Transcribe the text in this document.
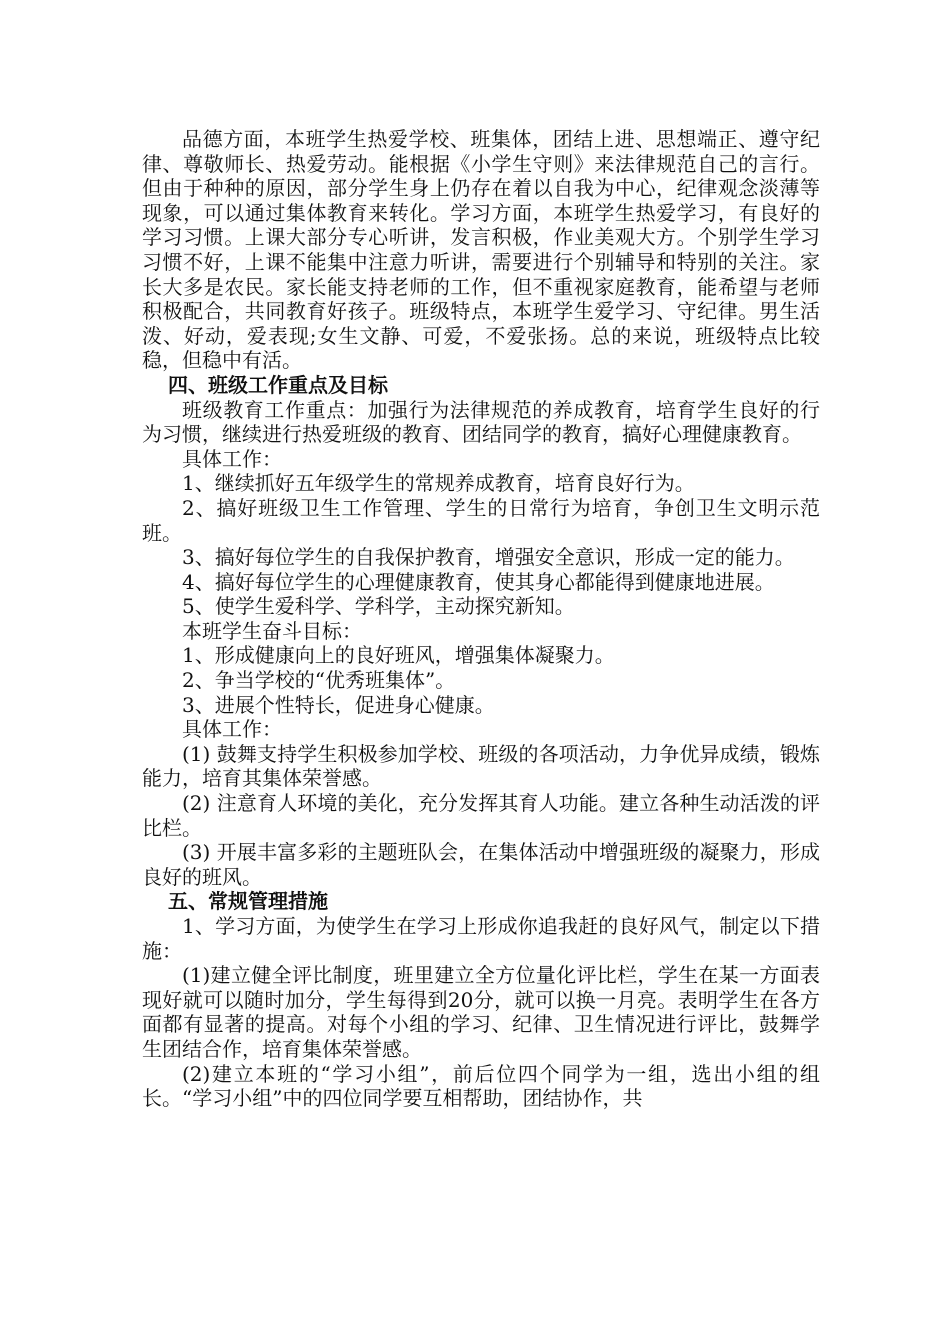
品德方面，本班学生热爱学校、班集体，团结上进、思想端正、遵守纪律、尊敬师长、热爱劳动。能根据《小学生守则》来法律规范自己的言行。但由于种种的原因，部分学生身上仍存在着以自我为中心，纪律观念淡薄等现象，可以通过集体教育来转化。学习方面，本班学生热爱学习，有良好的学习习惯。上课大部分专心听讲，发言积极，作业美观大方。个别学生学习习惯不好，上课不能集中注意力听讲，需要进行个别辅导和特别的关注。家长大多是农民。家长能支持老师的工作，但不重视家庭教育，能希望与老师积极配合，共同教育好孩子。班级特点，本班学生爱学习、守纪律。男生活泼、好动，爱表现;女生文静、可爱，不爱张扬。总的来说，班级特点比较稳，但稳中有活。

四、班级工作重点及目标

班级教育工作重点：加强行为法律规范的养成教育，培育学生良好的行为习惯，继续进行热爱班级的教育、团结同学的教育，搞好心理健康教育。

具体工作：

1、继续抓好五年级学生的常规养成教育，培育良好行为。

2、搞好班级卫生工作管理、学生的日常行为培育，争创卫生文明示范班。

3、搞好每位学生的自我保护教育，增强安全意识，形成一定的能力。

4、搞好每位学生的心理健康教育，使其身心都能得到健康地进展。

5、使学生爱科学、学科学，主动探究新知。

本班学生奋斗目标：

1、形成健康向上的良好班风，增强集体凝聚力。

2、争当学校的“优秀班集体”。

3、进展个性特长，促进身心健康。

具体工作：

(1) 鼓舞支持学生积极参加学校、班级的各项活动，力争优异成绩，锻炼能力，培育其集体荣誉感。

(2) 注意育人环境的美化，充分发挥其育人功能。建立各种生动活泼的评比栏。

(3) 开展丰富多彩的主题班队会，在集体活动中增强班级的凝聚力，形成良好的班风。

五、常规管理措施

1、学习方面，为使学生在学习上形成你追我赶的良好风气，制定以下措施：

(1)建立健全评比制度，班里建立全方位量化评比栏，学生在某一方面表现好就可以随时加分，学生每得到20分，就可以换一月亮。表明学生在各方面都有显著的提高。对每个小组的学习、纪律、卫生情况进行评比，鼓舞学生团结合作，培育集体荣誉感。

(2)建立本班的“学习小组”，前后位四个同学为一组，选出小组的组长。“学习小组”中的四位同学要互相帮助，团结协作，共
